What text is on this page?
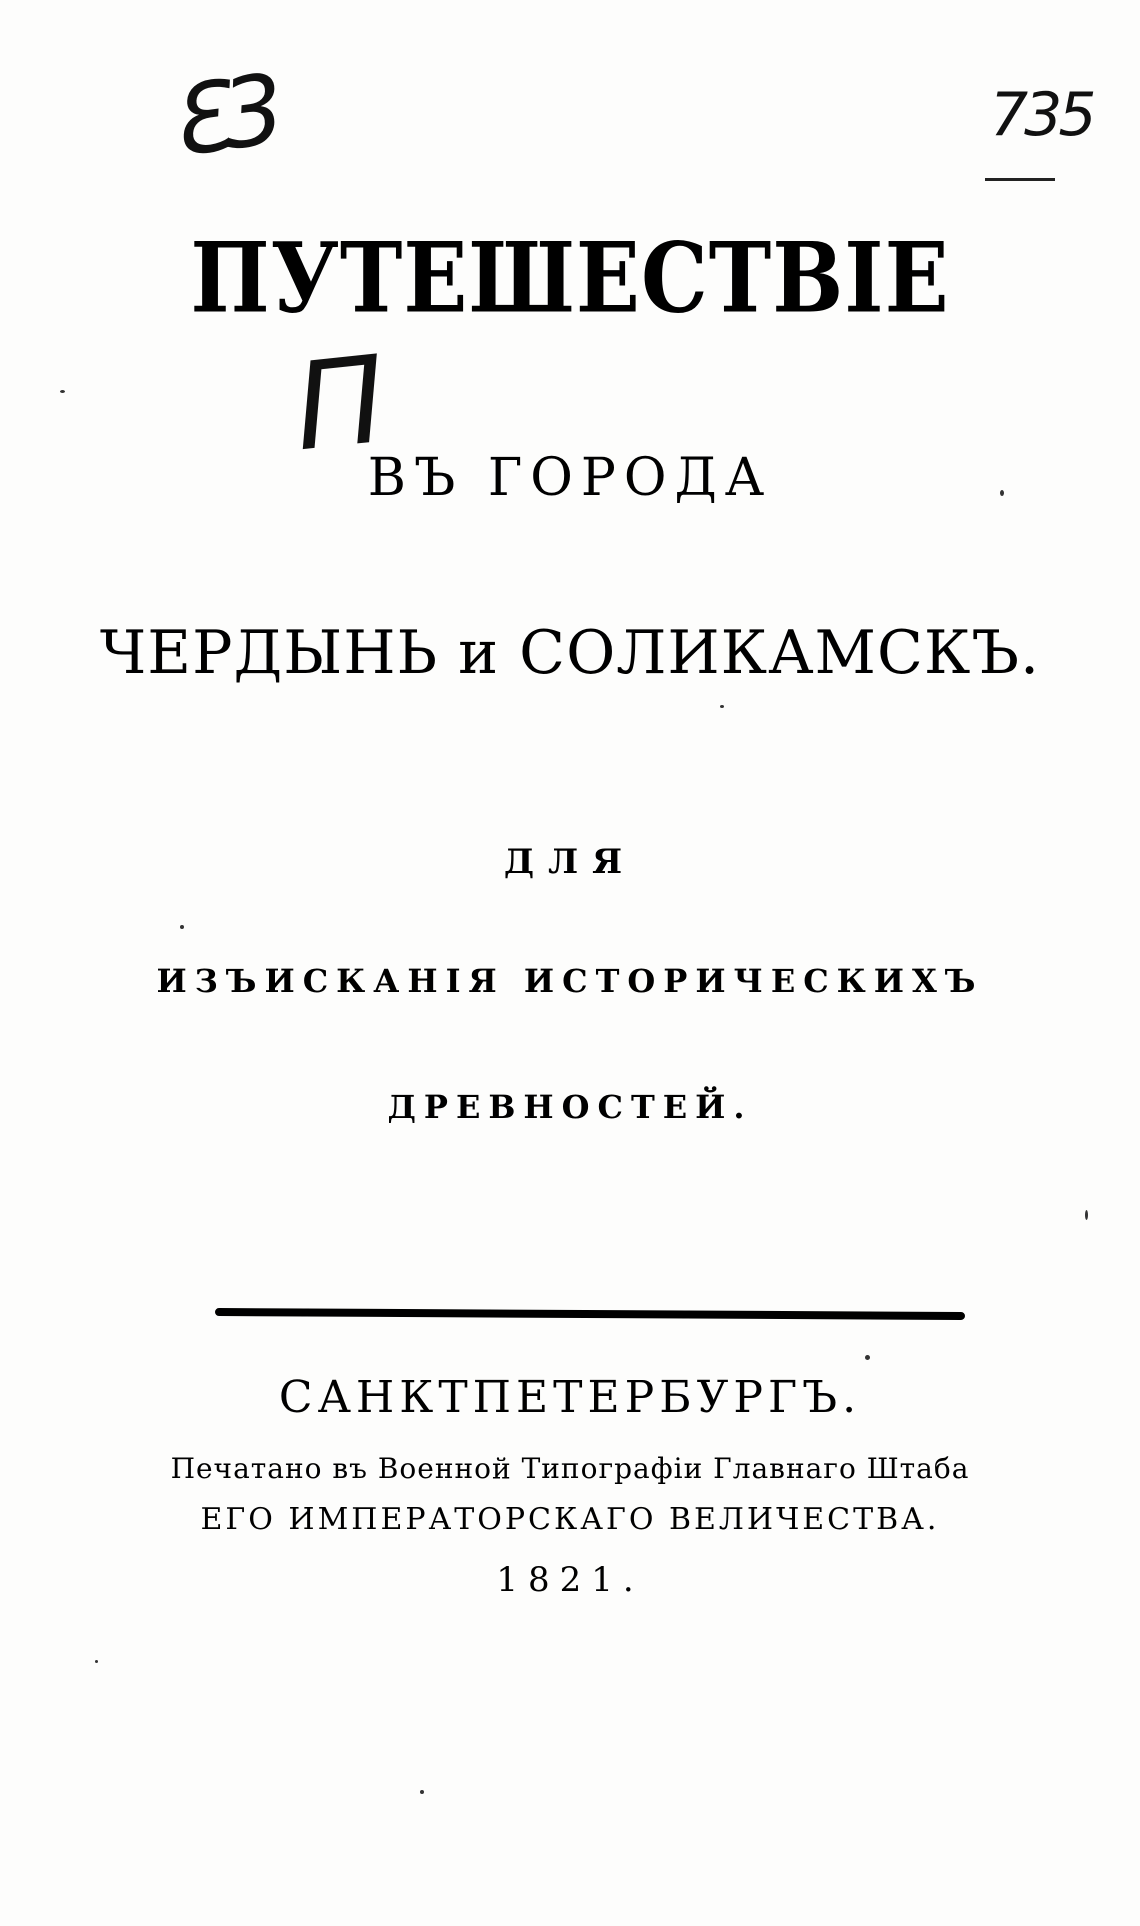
Ԑ3	735
П
ПУТЕШЕСТВІЕ
ВЪ ГОРОДА
ЧЕРДЫНЬ и СОЛИКАМСКЪ.
ДЛЯ
ИЗЪИСКАНІЯ ИСТОРИЧЕСКИХЪ
ДРЕВНОСТЕЙ.
САНКТПЕТЕРБУРГЪ.
Печатано въ Военной Типографіи Главнаго Штаба
ЕГО ИМПЕРАТОРСКАГО ВЕЛИЧЕСТВА.
1821.
